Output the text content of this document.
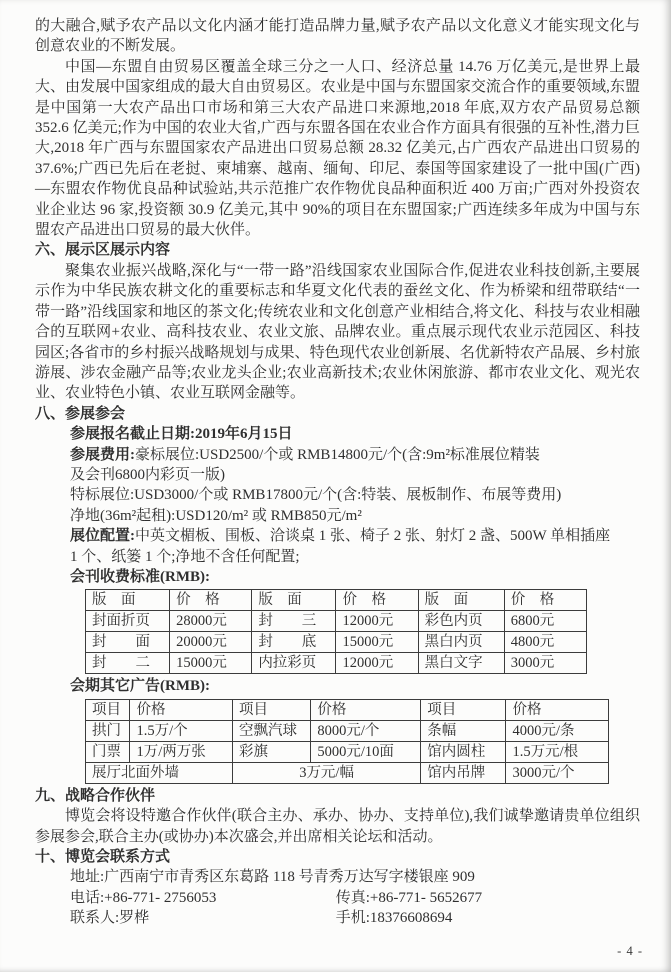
的大融合,赋予农产品以文化内涵才能打造品牌力量,赋予农产品以文化意义才能实现文化与创意农业的不断发展。

中国—东盟自由贸易区覆盖全球三分之一人口、经济总量 14.76 万亿美元,是世界上最大、由发展中国家组成的最大自由贸易区。农业是中国与东盟国家交流合作的重要领域,东盟是中国第一大农产品出口市场和第三大农产品进口来源地,2018 年底,双方农产品贸易总额 352.6 亿美元;作为中国的农业大省,广西与东盟各国在农业合作方面具有很强的互补性,潜力巨大,2018 年广西与东盟国家农产品进出口贸易总额 28.32 亿美元,占广西农产品进出口贸易的 37.6%;广西已先后在老挝、柬埔寨、越南、缅甸、印尼、泰国等国家建设了一批中国(广西)—东盟农作物优良品种试验站,共示范推广农作物优良品种面积近 400 万亩;广西对外投资农业企业达 96 家,投资额 30.9 亿美元,其中 90%的项目在东盟国家;广西连续多年成为中国与东盟农产品进出口贸易的最大伙伴。

六、展示区展示内容

聚集农业振兴战略,深化与“一带一路”沿线国家农业国际合作,促进农业科技创新,主要展示作为中华民族农耕文化的重要标志和华夏文化代表的蚕丝文化、作为桥梁和纽带联结“一带一路”沿线国家和地区的茶文化;传统农业和文化创意产业相结合,将文化、科技与农业相融合的互联网+农业、高科技农业、农业文旅、品牌农业。重点展示现代农业示范园区、科技园区;各省市的乡村振兴战略规划与成果、特色现代农业创新展、名优新特农产品展、乡村旅游展、涉农金融产品等;农业龙头企业;农业高新技术;农业休闲旅游、都市农业文化、观光农业、农业特色小镇、农业互联网金融等。

八、参展参会
参展报名截止日期:2019年6月15日
参展费用:豪标展位:USD2500/个或 RMB14800元/个(含:9m²标准展位精装
及会刊6800内彩页一版)
特标展位:USD3000/个或 RMB17800元/个(含:特装、展板制作、布展等费用)
净地(36m²起租):USD120/m² 或 RMB850元/m²
展位配置:中英文楣板、围板、洽谈桌 1 张、椅子 2 张、射灯 2 盏、500W 单相插座
1 个、纸篓 1 个;净地不含任何配置;
会刊收费标准(RMB):
版　面	价　格	版　面	价　格	版　面	价　格
封面折页	28000元	封　　三	12000元	彩色内页	6800元
封　　面	20000元	封　　底	15000元	黑白内页	4800元
封　　二	15000元	内拉彩页	12000元	黑白文字	3000元
会期其它广告(RMB):
项目	价格	项目	价格	项目	价格
拱门	1.5万/个	空飘汽球	8000元/个	条幅	4000元/条
门票	1万/两万张	彩旗	5000元/10面	馆内圆柱	1.5万元/根
展厅北面外墙		3万元/幅		馆内吊牌	3000元/个
九、战略合作伙伴

博览会将设特邀合作伙伴(联合主办、承办、协办、支持单位),我们诚挚邀请贵单位组织参展参会,联合主办(或协办)本次盛会,并出席相关论坛和活动。

十、博览会联系方式
地址:广西南宁市青秀区东葛路 118 号青秀万达写字楼银座 909
电话:+86-771- 2756053	传真:+86-771- 5652677
联系人:罗桦	手机:18376608694
- 4 -
